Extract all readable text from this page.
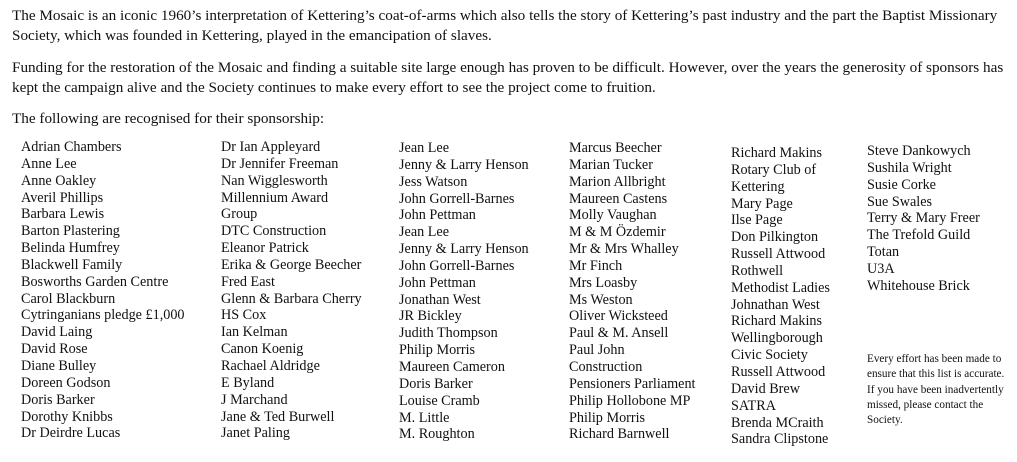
The Mosaic is an iconic 1960’s interpretation of Kettering’s coat-of-arms which also tells the story of Kettering’s past industry and the part the Baptist Missionary Society, which was founded in Kettering, played in the emancipation of slaves.

Funding for the restoration of the Mosaic and finding a suitable site large enough has proven to be difficult. However, over the years the generosity of sponsors has kept the campaign alive and the Society continues to make every effort to see the project come to fruition.

The following are recognised for their sponsorship:

Adrian Chambers
Anne Lee
Anne Oakley
Averil Phillips
Barbara Lewis
Barton Plastering
Belinda Humfrey
Blackwell Family
Bosworths Garden Centre
Carol Blackburn
Cytringanians pledge £1,000
David Laing
David Rose
Diane Bulley
Doreen Godson
Doris Barker
Dorothy Knibbs
Dr Deirdre Lucas
Dr Ian Appleyard
Dr Jennifer Freeman
Nan Wigglesworth
Millennium Award
Group
DTC Construction
Eleanor Patrick
Erika & George Beecher
Fred East
Glenn & Barbara Cherry
HS Cox
Ian Kelman
Canon Koenig
Rachael Aldridge
E Byland
J Marchand
Jane & Ted Burwell
Janet Paling
Jean Lee
Jenny & Larry Henson
Jess Watson
John Gorrell-Barnes
John Pettman
Jean Lee
Jenny & Larry Henson
John Gorrell-Barnes
John Pettman
Jonathan West
JR Bickley
Judith Thompson
Philip Morris
Maureen Cameron
Doris Barker
Louise Cramb
M. Little
M. Roughton
Marcus Beecher
Marian Tucker
Marion Allbright
Maureen Castens
Molly Vaughan
M & M Özdemir
Mr & Mrs Whalley
Mr Finch
Mrs Loasby
Ms Weston
Oliver Wicksteed
Paul & M. Ansell
Paul John
Construction
Pensioners Parliament
Philip Hollobone MP
Philip Morris
Richard Barnwell
Richard Makins
Rotary Club of
Kettering
Mary Page
Ilse Page
Don Pilkington
Russell Attwood
Rothwell
Methodist Ladies
Johnathan West
Richard Makins
Wellingborough
Civic Society
Russell Attwood
David Brew
SATRA
Brenda MCraith
Sandra Clipstone
Steve Dankowych
Sushila Wright
Susie Corke
Sue Swales
Terry & Mary Freer
The Trefold Guild
Totan
U3A
Whitehouse Brick

Every effort has been made to ensure that this list is accurate. If you have been inadvertently missed, please contact the Society.
